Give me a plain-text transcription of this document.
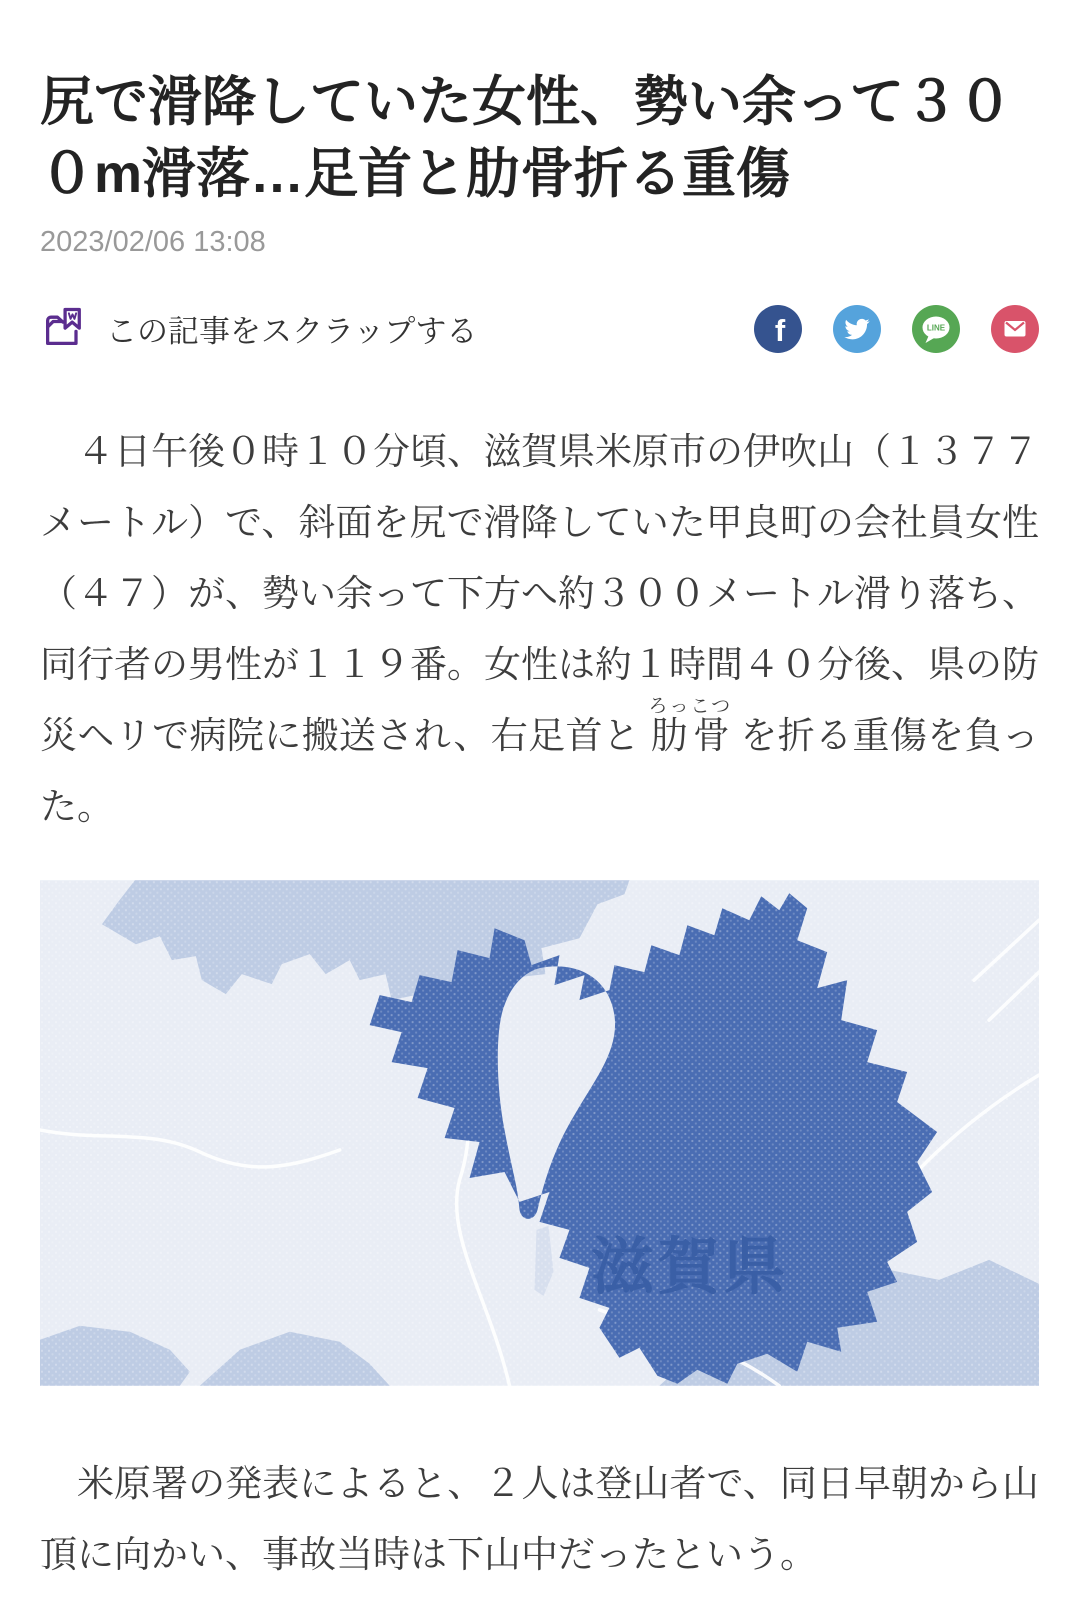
尻で滑降していた女性、勢い余って３００m滑落…足首と肋骨折る重傷
2023/02/06 13:08
この記事をスクラップする	f	LINE

　４日午後０時１０分頃、滋賀県米原市の伊吹山（１３７７メートル）で、斜面を尻で滑降していた甲良町の会社員女性（４７）が、勢い余って下方へ約３００メートル滑り落ち、同行者の男性が１１９番。女性は約１時間４０分後、県の防災ヘリで病院に搬送され、右足首と 肋骨ろっこつ を折る重傷を負った。

滋賀県

　米原署の発表によると、２人は登山者で、同日早朝から山頂に向かい、事故当時は下山中だったという。
